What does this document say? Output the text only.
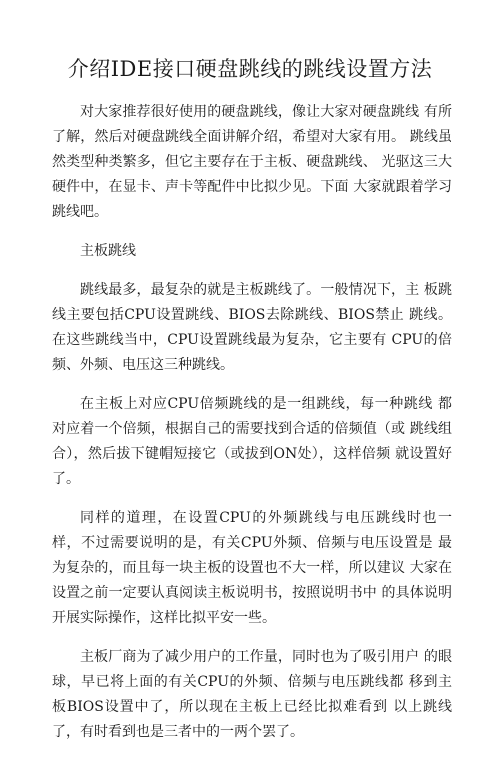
介绍IDE接口硬盘跳线的跳线设置方法

对大家推荐很好使用的硬盘跳线，像让大家对硬盘跳线 有所了解，然后对硬盘跳线全面讲解介绍，希望对大家有用。 跳线虽然类型种类繁多，但它主要存在于主板、硬盘跳线、 光驱这三大硬件中，在显卡、声卡等配件中比拟少见。下面 大家就跟着学习跳线吧。

主板跳线

跳线最多，最复杂的就是主板跳线了。一般情况下，主 板跳线主要包括CPU设置跳线、BIOS去除跳线、BIOS禁止 跳线。在这些跳线当中，CPU设置跳线最为复杂，它主要有 CPU的倍频、外频、电压这三种跳线。

在主板上对应CPU倍频跳线的是一组跳线，每一种跳线 都对应着一个倍频，根据自己的需要找到合适的倍频值（或 跳线组合），然后拔下键帽短接它（或拔到ON处），这样倍频 就设置好了。

同样的道理，在设置CPU的外频跳线与电压跳线时也一 样，不过需要说明的是，有关CPU外频、倍频与电压设置是 最为复杂的，而且每一块主板的设置也不大一样，所以建议 大家在设置之前一定要认真阅读主板说明书，按照说明书中 的具体说明开展实际操作，这样比拟平安一些。

主板厂商为了减少用户的工作量，同时也为了吸引用户 的眼球，早已将上面的有关CPU的外频、倍频与电压跳线都 移到主板BIOS设置中了，所以现在主板上已经比拟难看到 以上跳线了，有时看到也是三者中的一两个罢了。
